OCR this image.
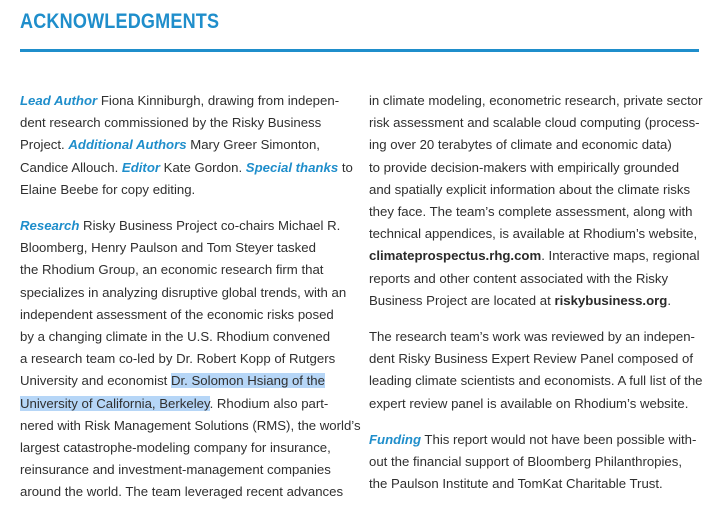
ACKNOWLEDGMENTS
Lead Author Fiona Kinniburgh, drawing from indepen-
dent research commissioned by the Risky Business
Project. Additional Authors Mary Greer Simonton,
Candice Allouch. Editor Kate Gordon. Special thanks to
Elaine Beebe for copy editing.
Research Risky Business Project co-chairs Michael R.
Bloomberg, Henry Paulson and Tom Steyer tasked
the Rhodium Group, an economic research firm that
specializes in analyzing disruptive global trends, with an
independent assessment of the economic risks posed
by a changing climate in the U.S. Rhodium convened
a research team co-led by Dr. Robert Kopp of Rutgers
University and economist Dr. Solomon Hsiang of the
University of California, Berkeley. Rhodium also part-
nered with Risk Management Solutions (RMS), the world’s
largest catastrophe-modeling company for insurance,
reinsurance and investment-management companies
around the world. The team leveraged recent advances
in climate modeling, econometric research, private sector
risk assessment and scalable cloud computing (process-
ing over 20 terabytes of climate and economic data)
to provide decision-makers with empirically grounded
and spatially explicit information about the climate risks
they face. The team’s complete assessment, along with
technical appendices, is available at Rhodium’s website,
climateprospectus.rhg.com. Interactive maps, regional
reports and other content associated with the Risky
Business Project are located at riskybusiness.org.
The research team’s work was reviewed by an indepen-
dent Risky Business Expert Review Panel composed of
leading climate scientists and economists. A full list of the
expert review panel is available on Rhodium’s website.
Funding This report would not have been possible with-
out the financial support of Bloomberg Philanthropies,
the Paulson Institute and TomKat Charitable Trust.
